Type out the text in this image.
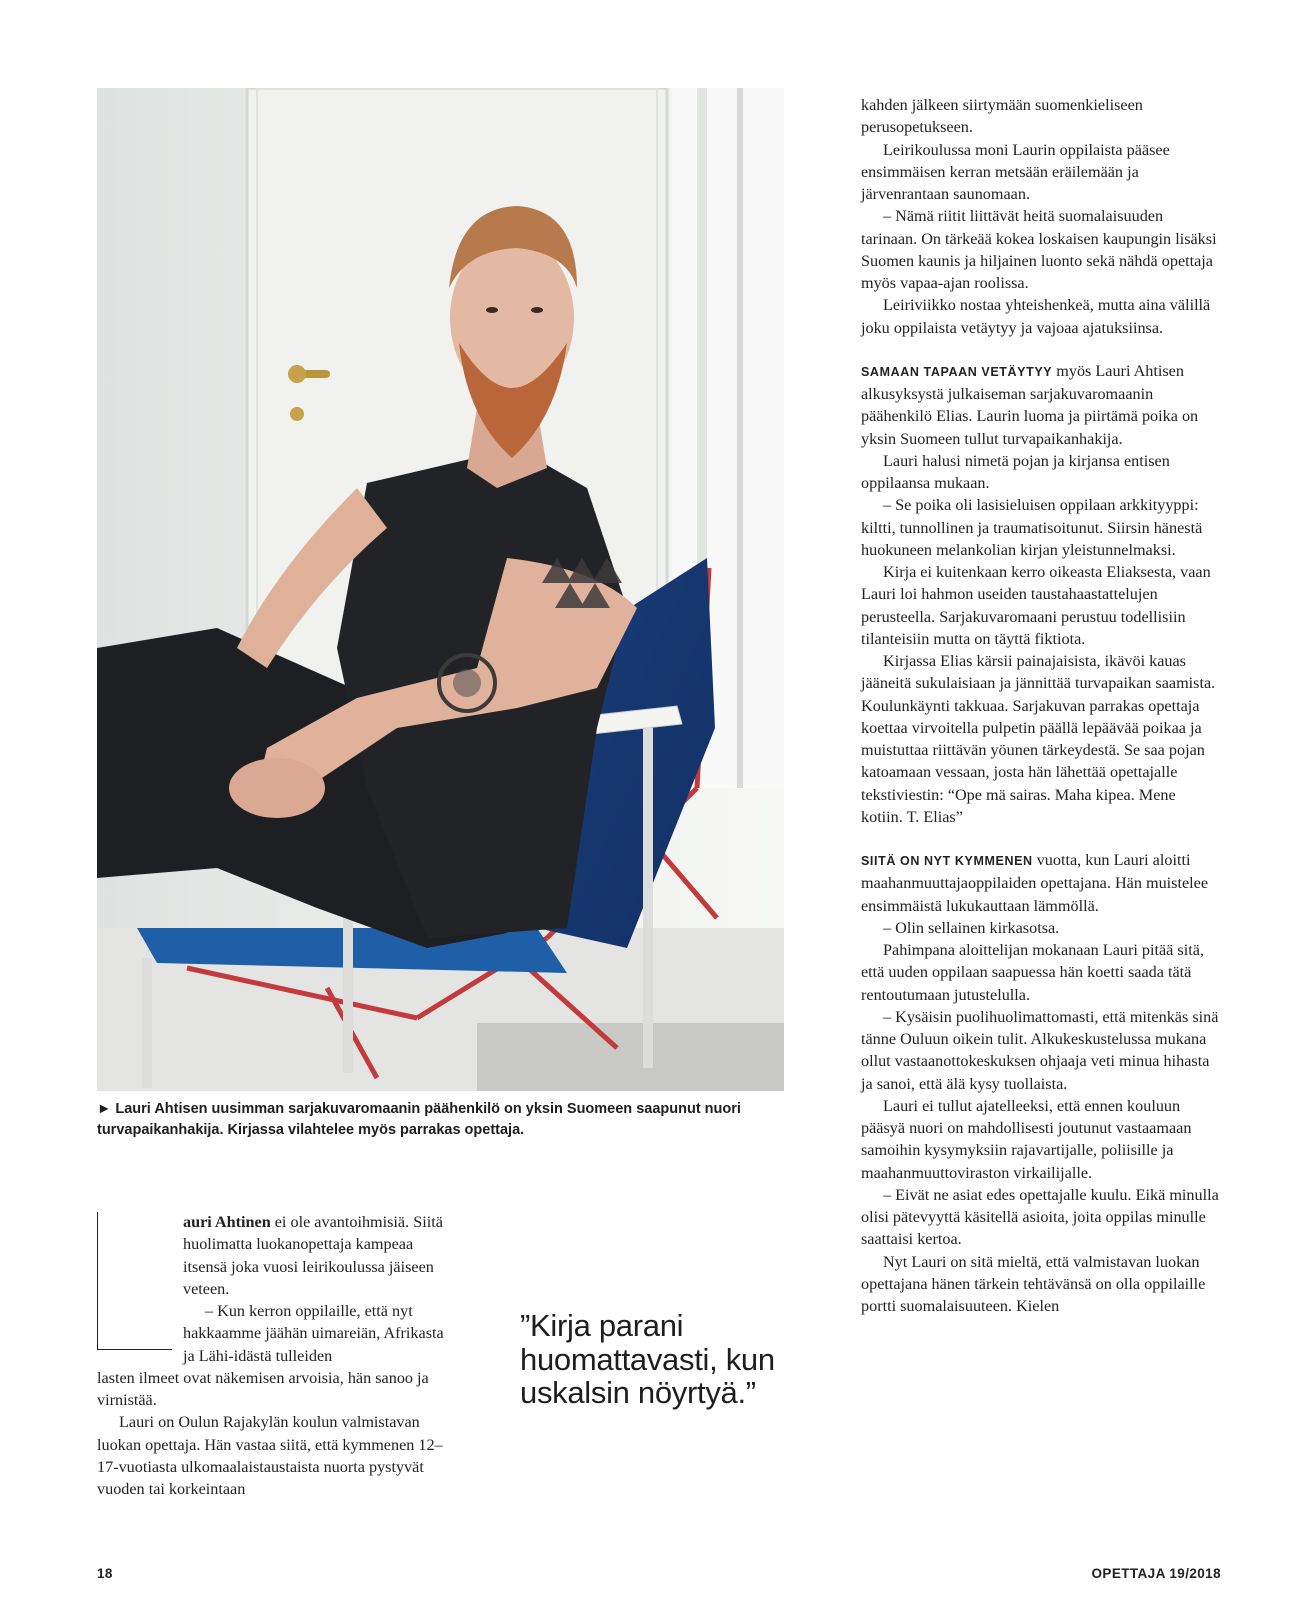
► Lauri Ahtisen uusimman sarjakuvaromaanin päähenkilö on yksin Suomeen saapunut nuori turvapaikanhakija. Kirjassa vilahtelee myös parrakas opettaja.

auri Ahtinen ei ole avantoihmisiä. Siitä huolimatta luokanopettaja kampeaa itsensä joka vuosi leirikoulussa jäiseen veteen.

– Kun kerron oppilaille, että nyt hakkaamme jäähän uimareiän, Afrikasta ja Lähi-idästä tulleiden

lasten ilmeet ovat näkemisen arvoisia, hän sanoo ja virnistää.

Lauri on Oulun Rajakylän koulun valmistavan luokan opettaja. Hän vastaa siitä, että kymmenen 12–17-vuotiasta ulkomaalaistaustaista nuorta pystyvät vuoden tai korkeintaan

”Kirja parani huomattavasti, kun uskalsin nöyrtyä.”

kahden jälkeen siirtymään suomenkieliseen perusopetukseen.

Leirikoulussa moni Laurin oppilaista pääsee ensimmäisen kerran metsään eräilemään ja järvenrantaan saunomaan.

– Nämä riitit liittävät heitä suomalaisuuden tarinaan. On tärkeää kokea loskaisen kaupungin lisäksi Suomen kaunis ja hiljainen luonto sekä nähdä opettaja myös vapaa-ajan roolissa.

Leiriviikko nostaa yhteishenkeä, mutta aina välillä joku oppilaista vetäytyy ja vajoaa ajatuksiinsa.

SAMAAN TAPAAN VETÄYTYY myös Lauri Ahtisen alkusyksystä julkaiseman sarjakuvaromaanin päähenkilö Elias. Laurin luoma ja piirtämä poika on yksin Suomeen tullut turvapaikanhakija.

Lauri halusi nimetä pojan ja kirjansa entisen oppilaansa mukaan.

– Se poika oli lasisieluisen oppilaan arkkityyppi: kiltti, tunnollinen ja traumatisoitunut. Siirsin hänestä huokuneen melankolian kirjan yleistunnelmaksi.

Kirja ei kuitenkaan kerro oikeasta Eliaksesta, vaan Lauri loi hahmon useiden taustahaastattelujen perusteella. Sarjakuvaromaani perustuu todellisiin tilanteisiin mutta on täyttä fiktiota.

Kirjassa Elias kärsii painajaisista, ikävöi kauas jääneitä sukulaisiaan ja jännittää turvapaikan saamista. Koulunkäynti takkuaa. Sarjakuvan parrakas opettaja koettaa virvoitella pulpetin päällä lepäävää poikaa ja muistuttaa riittävän yöunen tärkeydestä. Se saa pojan katoamaan vessaan, josta hän lähettää opettajalle tekstiviestin: “Ope mä sairas. Maha kipea. Mene kotiin. T. Elias”

SIITÄ ON NYT KYMMENEN vuotta, kun Lauri aloitti maahanmuuttajaoppilaiden opettajana. Hän muistelee ensimmäistä lukukauttaan lämmöllä.

– Olin sellainen kirkasotsa.

Pahimpana aloittelijan mokanaan Lauri pitää sitä, että uuden oppilaan saapuessa hän koetti saada tätä rentoutumaan jutustelulla.

– Kysäisin puolihuolimattomasti, että mitenkäs sinä tänne Ouluun oikein tulit. Alkukeskustelussa mukana ollut vastaanottokeskuksen ohjaaja veti minua hihasta ja sanoi, että älä kysy tuollaista.

Lauri ei tullut ajatelleeksi, että ennen kouluun pääsyä nuori on mahdollisesti joutunut vastaamaan samoihin kysymyksiin rajavartijalle, poliisille ja maahanmuuttoviraston virkailijalle.

– Eivät ne asiat edes opettajalle kuulu. Eikä minulla olisi pätevyyttä käsitellä asioita, joita oppilas minulle saattaisi kertoa.

Nyt Lauri on sitä mieltä, että valmistavan luokan opettajana hänen tärkein tehtävänsä on olla oppilaille portti suomalaisuuteen. Kielen

18	OPETTAJA 19/2018
